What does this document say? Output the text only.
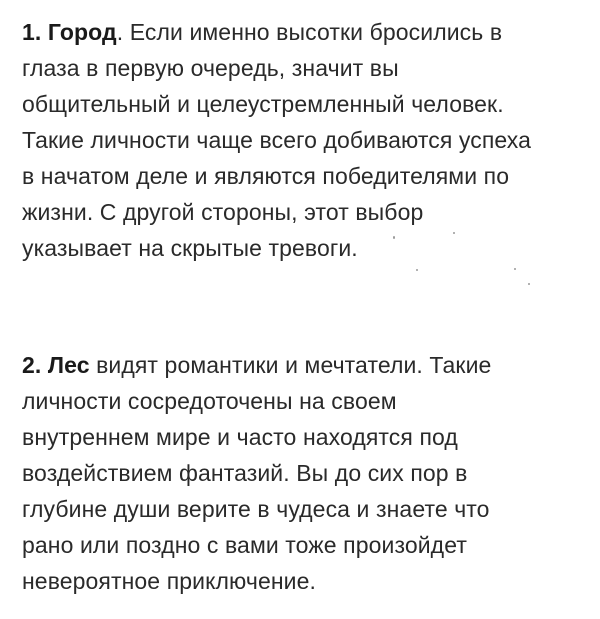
1. Город. Если именно высотки бросились в
глаза в первую очередь, значит вы
общительный и целеустремленный человек.
Такие личности чаще всего добиваются успеха
в начатом деле и являются победителями по
жизни. С другой стороны, этот выбор
указывает на скрытые тревоги.
2. Лес видят романтики и мечтатели. Такие
личности сосредоточены на своем
внутреннем мире и часто находятся под
воздействием фантазий. Вы до сих пор в
глубине души верите в чудеса и знаете что
рано или поздно с вами тоже произойдет
невероятное приключение.
